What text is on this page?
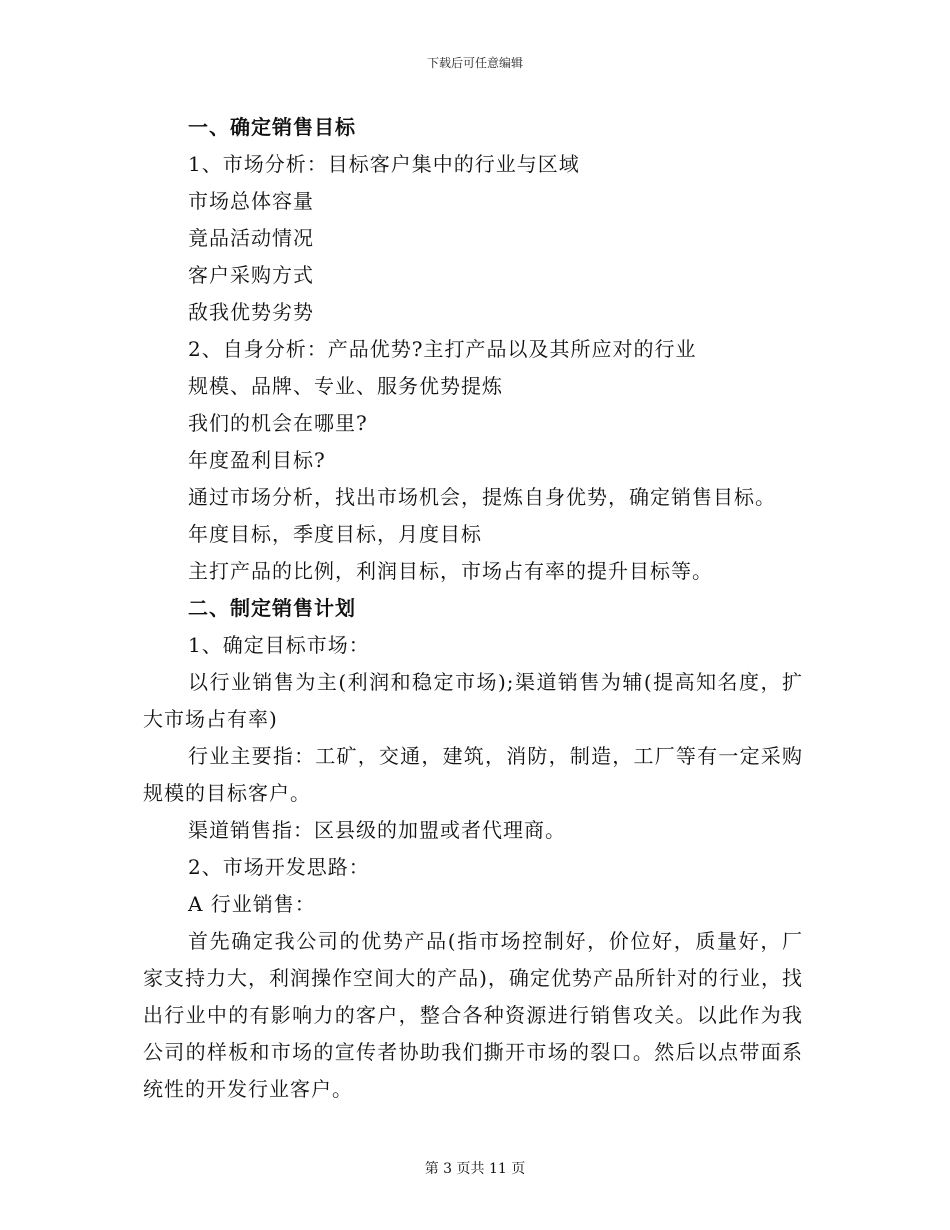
下载后可任意编辑
一、确定销售目标
1、市场分析：目标客户集中的行业与区域
市场总体容量
竟品活动情况
客户采购方式
敌我优势劣势
2、自身分析：产品优势?主打产品以及其所应对的行业
规模、品牌、专业、服务优势提炼
我们的机会在哪里?
年度盈利目标?
通过市场分析，找出市场机会，提炼自身优势，确定销售目标。
年度目标，季度目标，月度目标
主打产品的比例，利润目标，市场占有率的提升目标等。
二、制定销售计划
1、确定目标市场：
以行业销售为主(利润和稳定市场);渠道销售为辅(提高知名度，扩大市场占有率)
行业主要指：工矿，交通，建筑，消防，制造，工厂等有一定采购规模的目标客户。
渠道销售指：区县级的加盟或者代理商。
2、市场开发思路：
A 行业销售：
首先确定我公司的优势产品(指市场控制好，价位好，质量好，厂家支持力大，利润操作空间大的产品)，确定优势产品所针对的行业，找出行业中的有影响力的客户，整合各种资源进行销售攻关。以此作为我公司的样板和市场的宣传者协助我们撕开市场的裂口。然后以点带面系统性的开发行业客户。
第 3 页共 11 页
